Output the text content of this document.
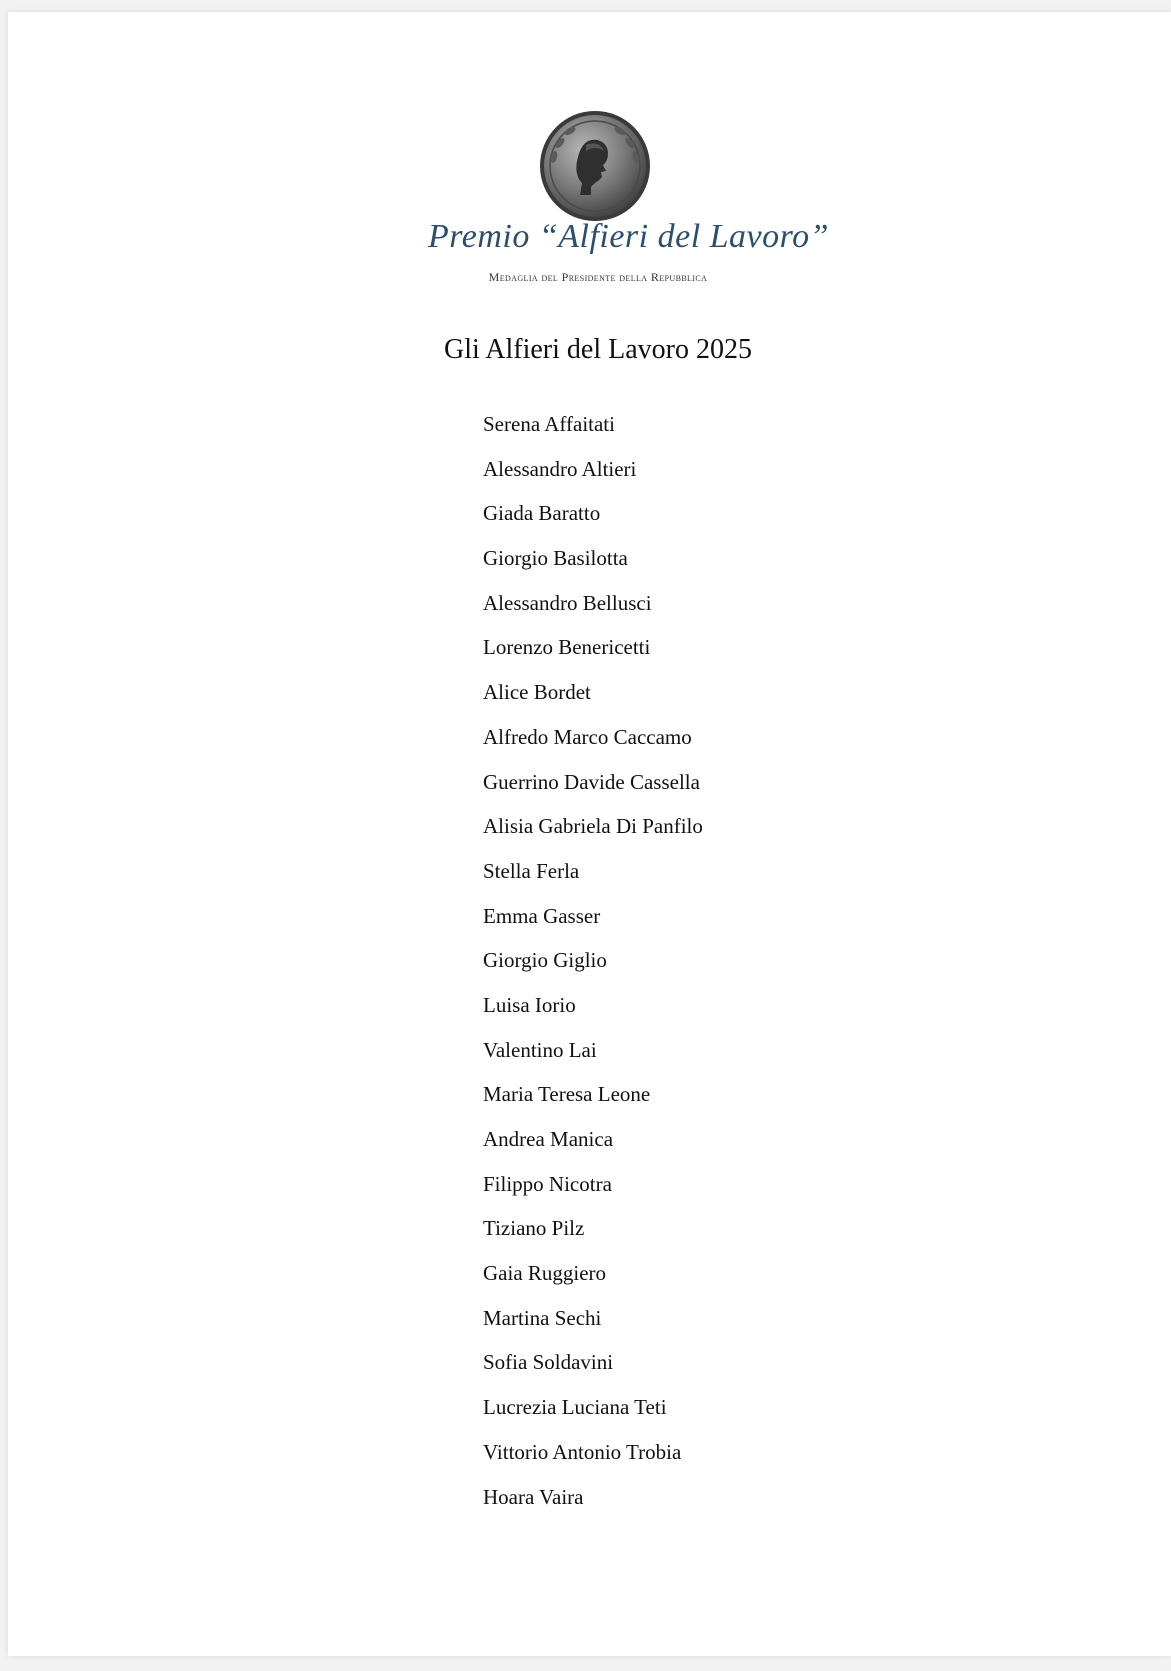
Premio “Alfieri del Lavoro”
Medaglia del Presidente della Repubblica
Gli Alfieri del Lavoro 2025
Serena Affaitati
Alessandro Altieri
Giada Baratto
Giorgio Basilotta
Alessandro Bellusci
Lorenzo Benericetti
Alice Bordet
Alfredo Marco Caccamo
Guerrino Davide Cassella
Alisia Gabriela Di Panfilo
Stella Ferla
Emma Gasser
Giorgio Giglio
Luisa Iorio
Valentino Lai
Maria Teresa Leone
Andrea Manica
Filippo Nicotra
Tiziano Pilz
Gaia Ruggiero
Martina Sechi
Sofia Soldavini
Lucrezia Luciana Teti
Vittorio Antonio Trobia
Hoara Vaira
